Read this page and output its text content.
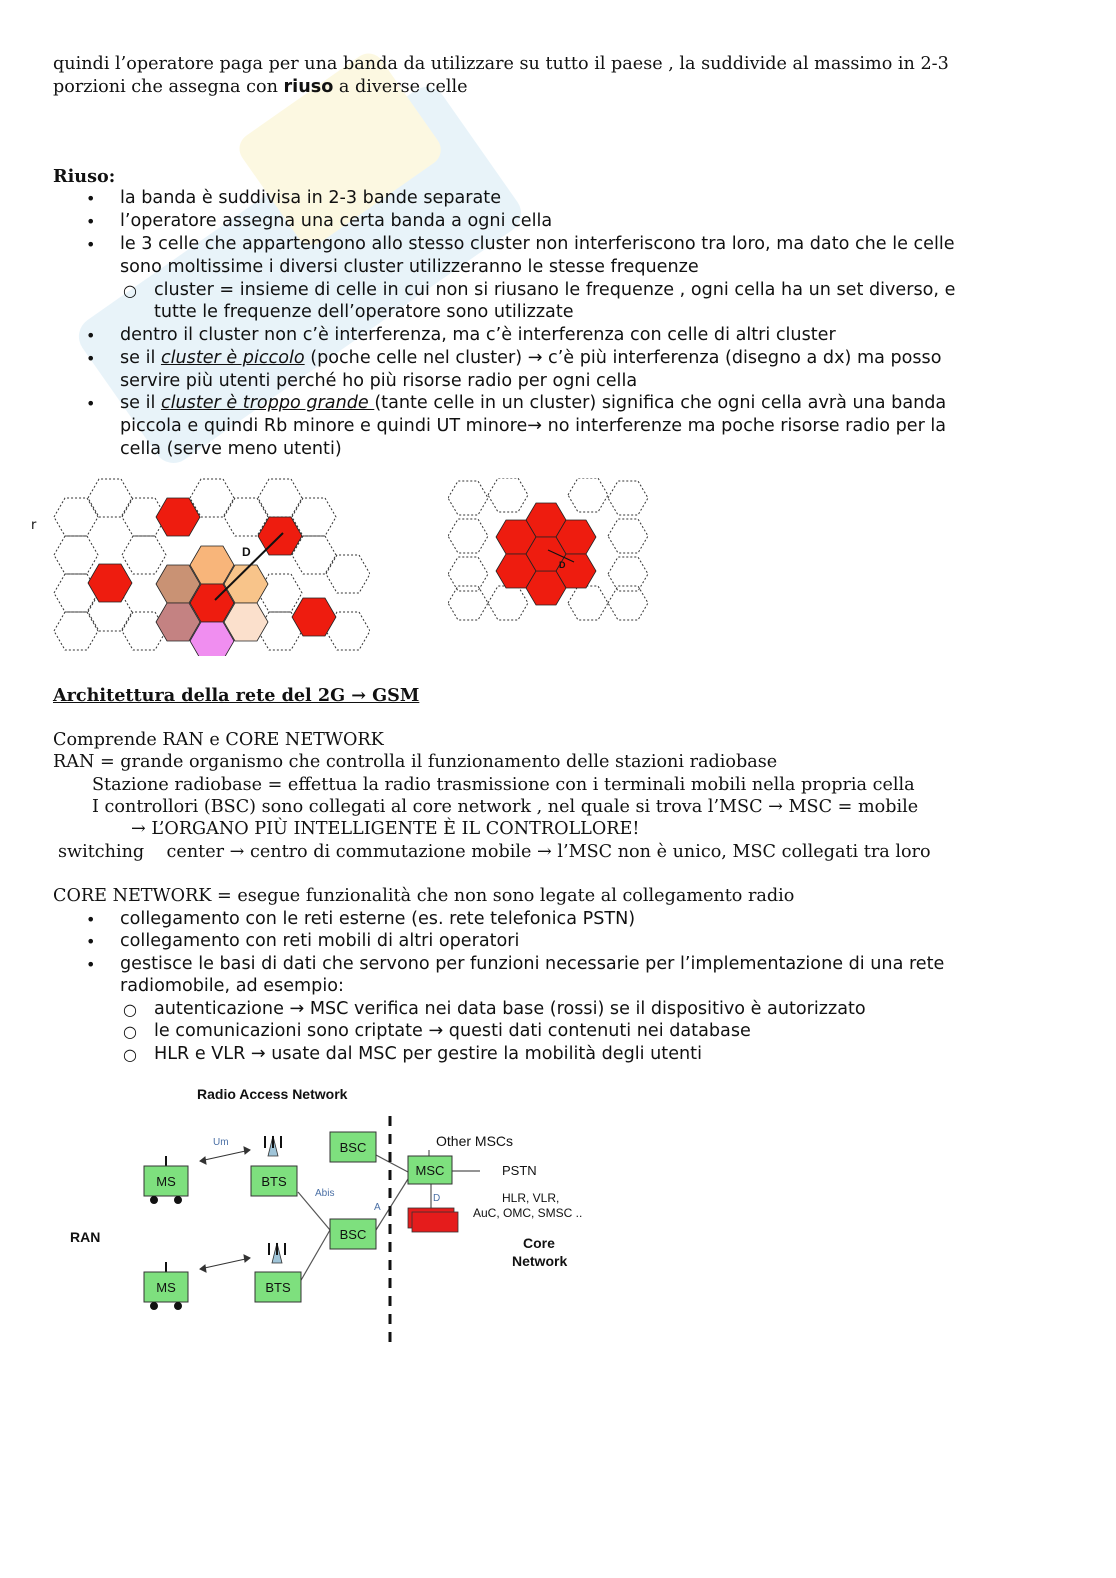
quindi l’operatore paga per una banda da utilizzare su tutto il paese , la suddivide al massimo in 2-3
porzioni che assegna con riuso a diverse celle
Riuso:
• la banda è suddivisa in 2-3 bande separate
• l’operatore assegna una certa banda a ogni cella
• le 3 celle che appartengono allo stesso cluster non interferiscono tra loro, ma dato che le celle
sono moltissime i diversi cluster utilizzeranno le stesse frequenze
○ cluster = insieme di celle in cui non si riusano le frequenze , ogni cella ha un set diverso, e
tutte le frequenze dell’operatore sono utilizzate
• dentro il cluster non c’è interferenza, ma c’è interferenza con celle di altri cluster
• se il cluster è piccolo (poche celle nel cluster) → c’è più interferenza (disegno a dx) ma posso
servire più utenti perché ho più risorse radio per ogni cella
• se il cluster è troppo grande (tante celle in un cluster) significa che ogni cella avrà una banda
piccola e quindi Rb minore e quindi UT minore→ no interferenze ma poche risorse radio per la
cella (serve meno utenti)
r
D
D
Architettura della rete del 2G → GSM
Comprende RAN e CORE NETWORK
RAN = grande organismo che controlla il funzionamento delle stazioni radiobase
Stazione radiobase = effettua la radio trasmissione con i terminali mobili nella propria cella
I controllori (BSC) sono collegati al core network , nel quale si trova l’MSC → MSC = mobile
→ L’ORGANO PIÙ INTELLIGENTE È IL CONTROLLORE!
switching    center → centro di commutazione mobile → l’MSC non è unico, MSC collegati tra loro
CORE NETWORK = esegue funzionalità che non sono legate al collegamento radio
• collegamento con le reti esterne (es. rete telefonica PSTN)
• collegamento con reti mobili di altri operatori
• gestisce le basi di dati che servono per funzioni necessarie per l’implementazione di una rete
radiomobile, ad esempio:
○ autenticazione → MSC verifica nei data base (rossi) se il dispositivo è autorizzato
○ le comunicazioni sono criptate → questi dati contenuti nei database
○ HLR e VLR → usate dal MSC per gestire la mobilità degli utenti
Radio Access Network
RAN
MS
MS
BTS
BTS
BSC
BSC
MSC
Um
Abis
A
D
Other MSCs
PSTN
HLR, VLR,
AuC, OMC, SMSC ..
Core
Network
